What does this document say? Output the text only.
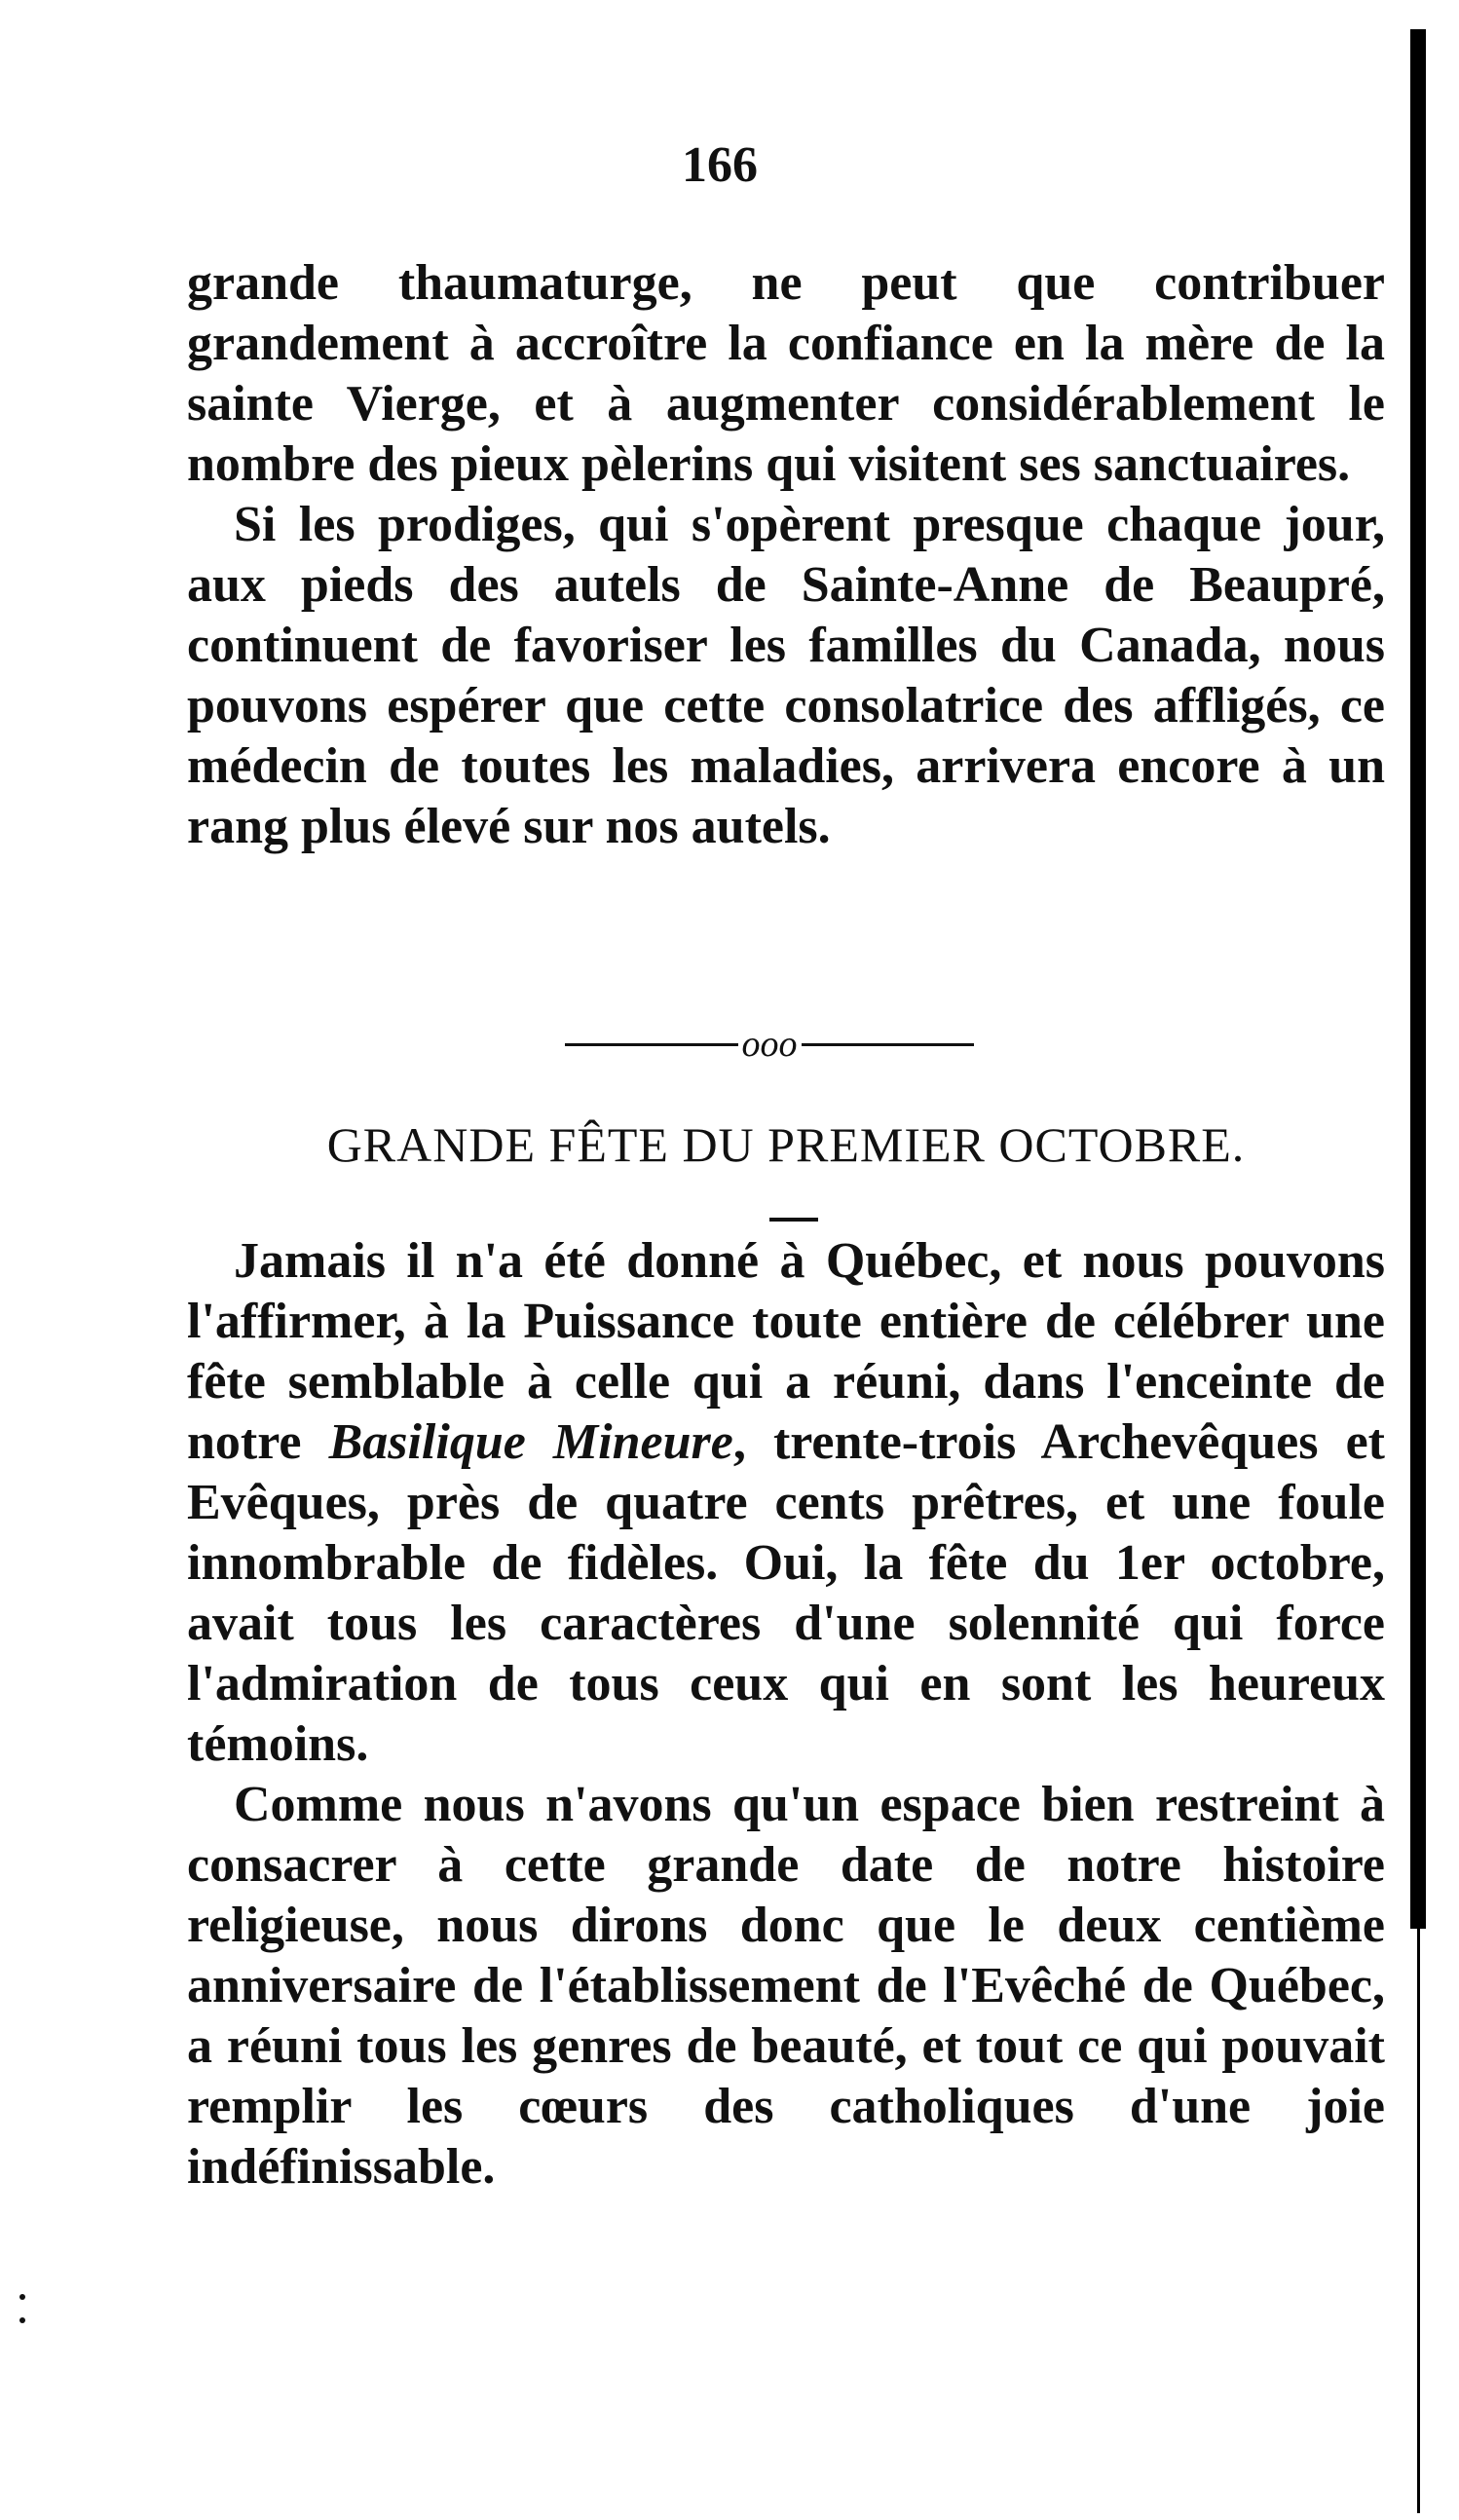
166

grande thaumaturge, ne peut que contribuer grandement à accroître la confiance en la mère de la sainte Vierge, et à augmenter considérablement le nombre des pieux pèlerins qui visitent ses sanctuaires.

Si les prodiges, qui s'opèrent presque chaque jour, aux pieds des autels de Sainte-Anne de Beaupré, continuent de favoriser les familles du Canada, nous pouvons espérer que cette consolatrice des affligés, ce médecin de toutes les maladies, arrivera encore à un rang plus élevé sur nos autels.

ooo
GRANDE FÊTE DU PREMIER OCTOBRE.

Jamais il n'a été donné à Québec, et nous pouvons l'affirmer, à la Puissance toute entière de célébrer une fête semblable à celle qui a réuni, dans l'enceinte de notre Basilique Mineure, trente-trois Archevêques et Evêques, près de quatre cents prêtres, et une foule innombrable de fidèles. Oui, la fête du 1er octobre, avait tous les caractères d'une solennité qui force l'admiration de tous ceux qui en sont les heureux témoins.

Comme nous n'avons qu'un espace bien restreint à consacrer à cette grande date de notre histoire religieuse, nous dirons donc que le deux centième anniversaire de l'établissement de l'Evêché de Québec, a réuni tous les genres de beauté, et tout ce qui pouvait remplir les cœurs des catholiques d'une joie indéfinissable.
